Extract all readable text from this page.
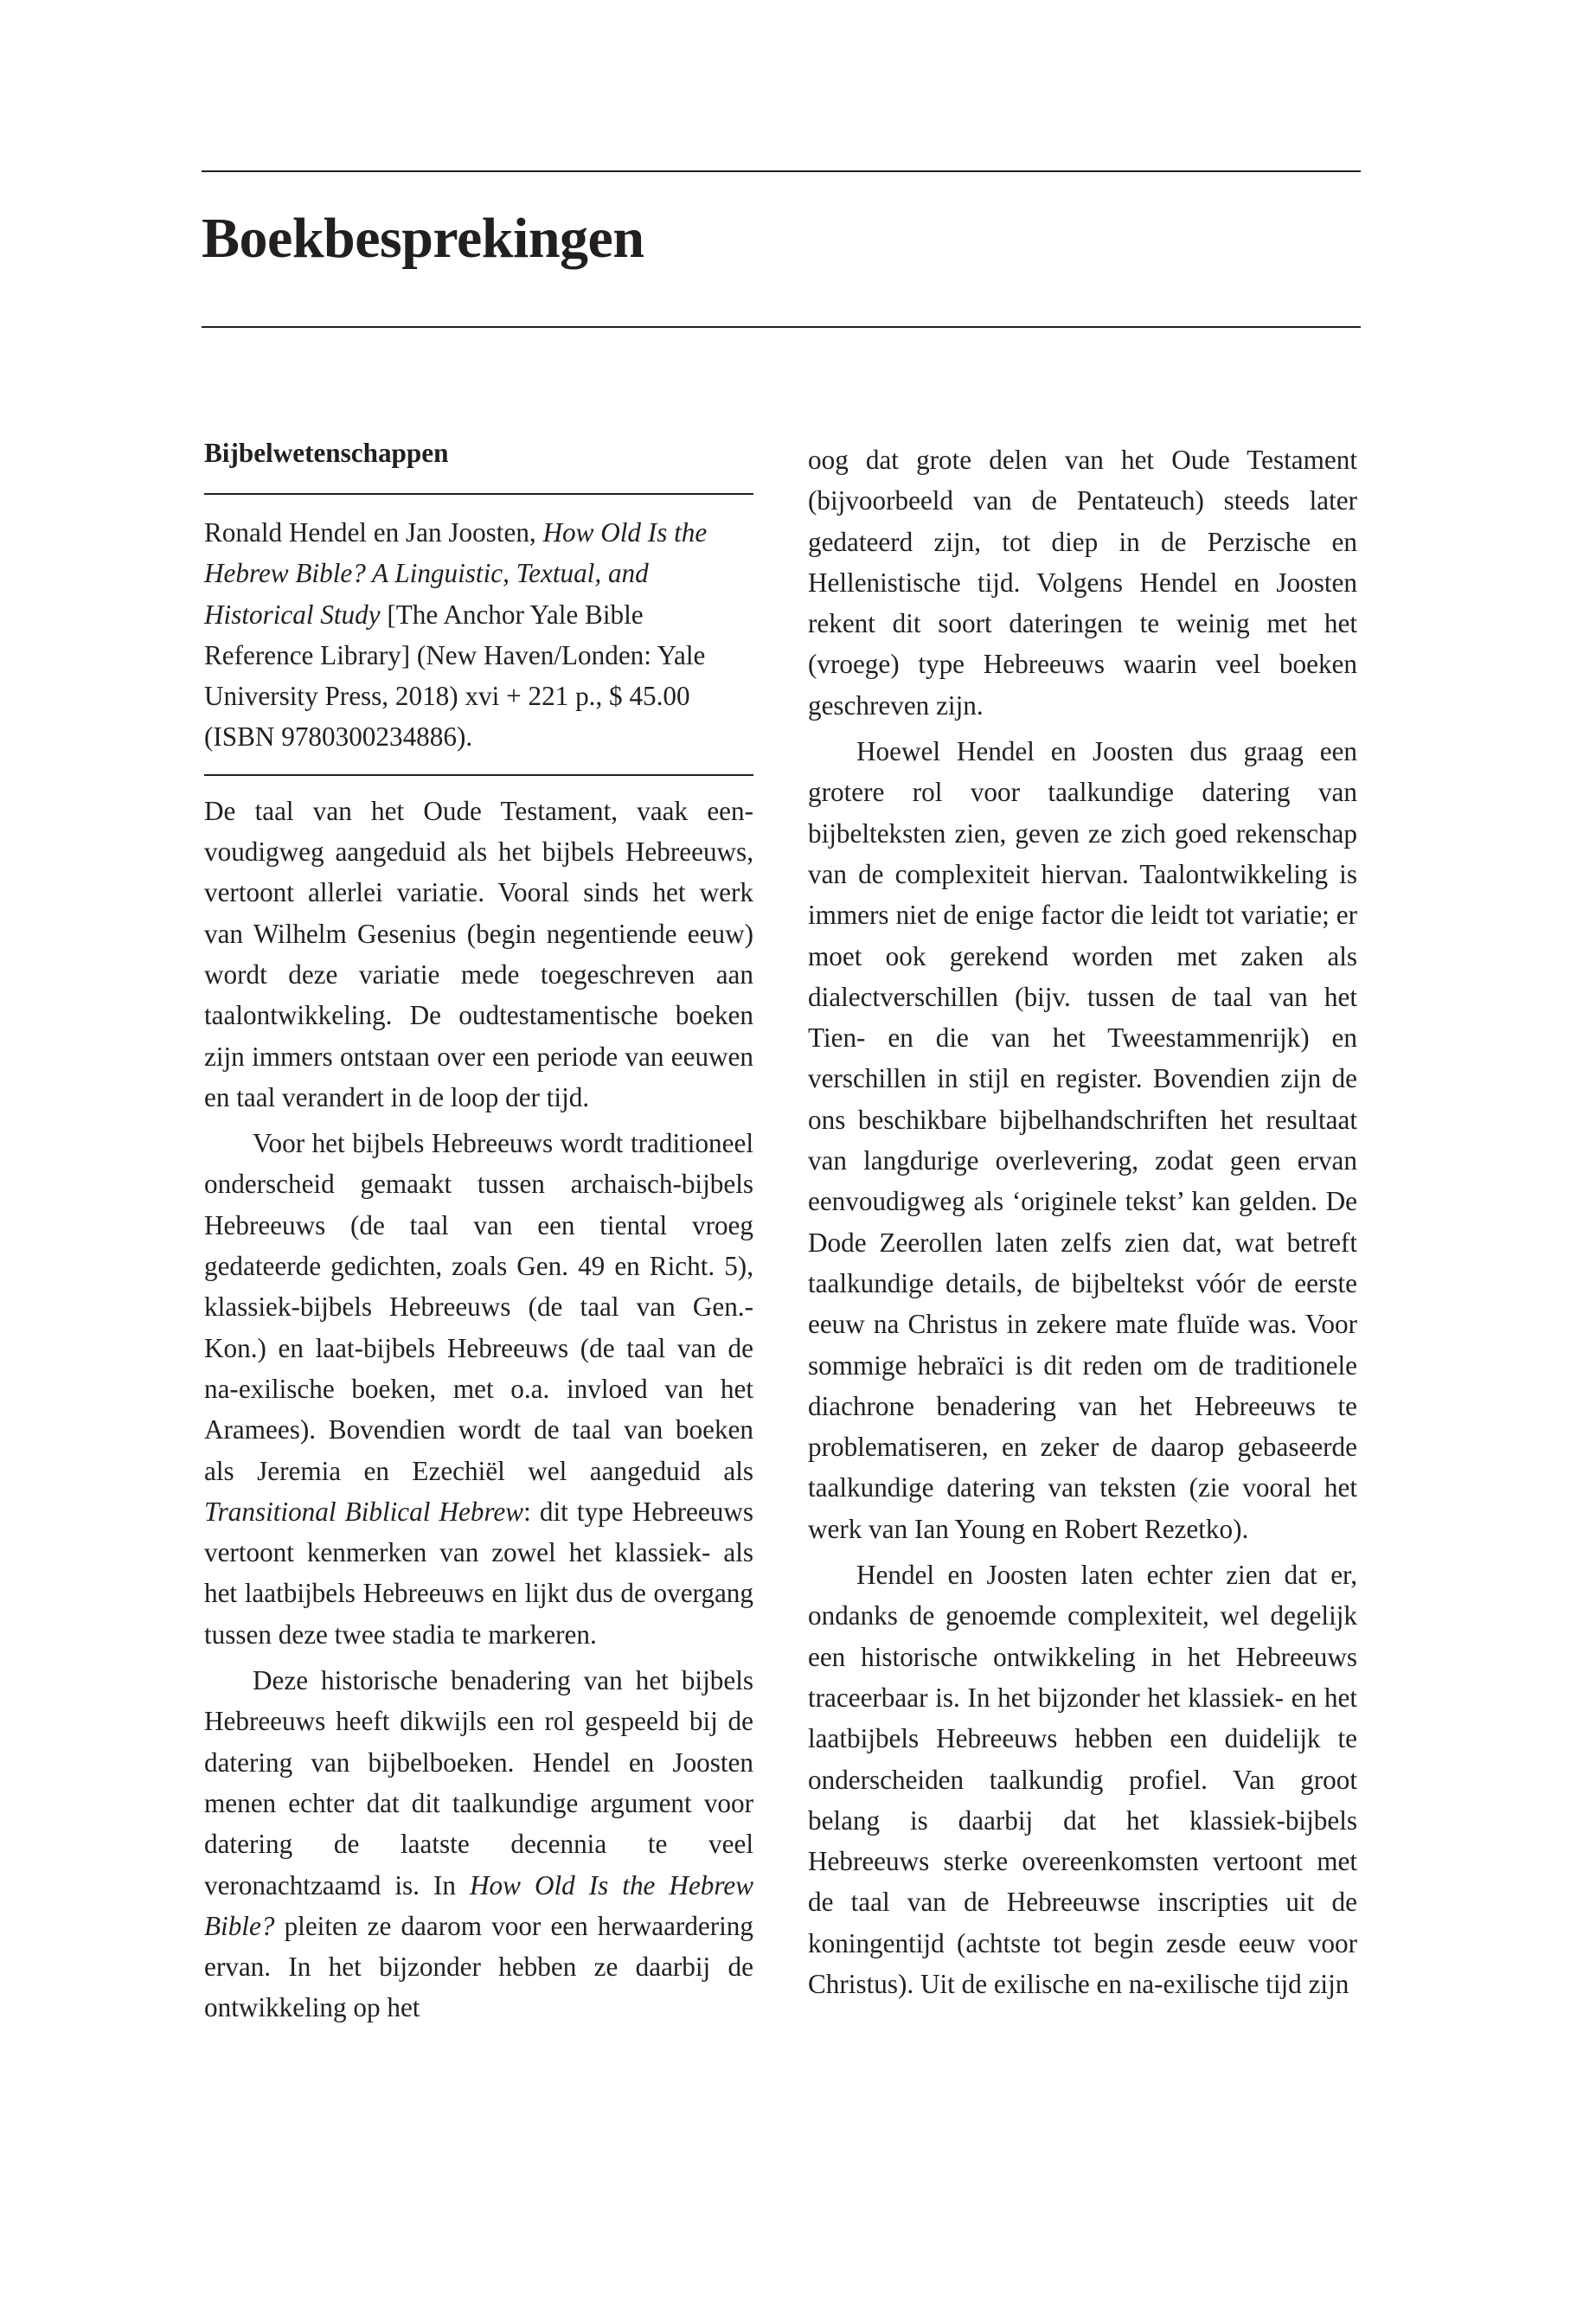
Boekbesprekingen
Bijbelwetenschappen

Ronald Hendel en Jan Joosten, How Old Is the Hebrew Bible? A Linguistic, Textual, and Historical Study [The Anchor Yale Bible Reference Library] (New Haven/Londen: Yale University Press, 2018) xvi + 221 p., $ 45.00 (ISBN 9780300234886).

De taal van het Oude Testament, vaak eenvoudigweg aangeduid als het bijbels Hebreeuws, vertoont allerlei variatie. Vooral sinds het werk van Wilhelm Gesenius (begin negentiende eeuw) wordt deze variatie mede toegeschreven aan taalontwikkeling. De oudtestamentische boeken zijn immers ontstaan over een periode van eeuwen en taal verandert in de loop der tijd.

Voor het bijbels Hebreeuws wordt traditioneel onderscheid gemaakt tussen archaisch-bijbels Hebreeuws (de taal van een tiental vroeg gedateerde gedichten, zoals Gen. 49 en Richt. 5), klassiek-bijbels Hebreeuws (de taal van Gen.-Kon.) en laat-bijbels Hebreeuws (de taal van de na-exilische boeken, met o.a. invloed van het Aramees). Bovendien wordt de taal van boeken als Jeremia en Ezechiël wel aangeduid als Transitional Biblical Hebrew: dit type Hebreeuws vertoont kenmerken van zowel het klassiek- als het laatbijbels Hebreeuws en lijkt dus de overgang tussen deze twee stadia te markeren.

Deze historische benadering van het bijbels Hebreeuws heeft dikwijls een rol gespeeld bij de datering van bijbelboeken. Hendel en Joosten menen echter dat dit taalkundige argument voor datering de laatste decennia te veel veronachtzaamd is. In How Old Is the Hebrew Bible? pleiten ze daarom voor een herwaardering ervan. In het bijzonder hebben ze daarbij de ontwikkeling op het

oog dat grote delen van het Oude Testament (bijvoorbeeld van de Pentateuch) steeds later gedateerd zijn, tot diep in de Perzische en Hellenistische tijd. Volgens Hendel en Joosten rekent dit soort dateringen te weinig met het (vroege) type Hebreeuws waarin veel boeken geschreven zijn.

Hoewel Hendel en Joosten dus graag een grotere rol voor taalkundige datering van bijbelteksten zien, geven ze zich goed rekenschap van de complexiteit hiervan. Taalontwikkeling is immers niet de enige factor die leidt tot variatie; er moet ook gerekend worden met zaken als dialectverschillen (bijv. tussen de taal van het Tien- en die van het Tweestammenrijk) en verschillen in stijl en register. Bovendien zijn de ons beschikbare bijbelhandschriften het resultaat van langdurige overlevering, zodat geen ervan eenvoudigweg als ‘originele tekst’ kan gelden. De Dode Zeerollen laten zelfs zien dat, wat betreft taalkundige details, de bijbeltekst vóór de eerste eeuw na Christus in zekere mate fluïde was. Voor sommige hebraïci is dit reden om de traditionele diachrone benadering van het Hebreeuws te problematiseren, en zeker de daarop gebaseerde taalkundige datering van teksten (zie vooral het werk van Ian Young en Robert Rezetko).

Hendel en Joosten laten echter zien dat er, ondanks de genoemde complexiteit, wel degelijk een historische ontwikkeling in het Hebreeuws traceerbaar is. In het bijzonder het klassiek- en het laatbijbels Hebreeuws hebben een duidelijk te onderscheiden taalkundig profiel. Van groot belang is daarbij dat het klassiek-bijbels Hebreeuws sterke overeenkomsten vertoont met de taal van de Hebreeuwse inscripties uit de koningentijd (achtste tot begin zesde eeuw voor Christus). Uit de exilische en na-exilische tijd zijn
